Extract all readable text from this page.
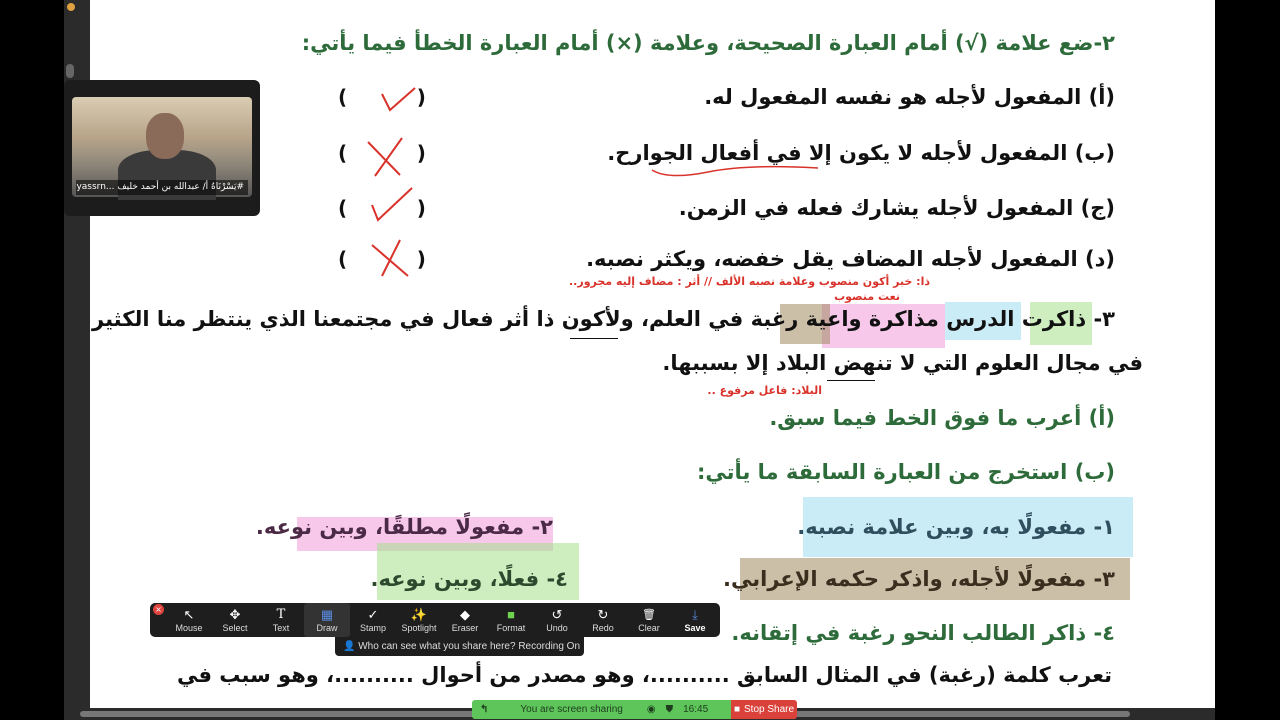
٢-ضع علامة (√) أمام العبارة الصحيحة، وعلامة (×) أمام العبارة الخطأ فيما يأتي:
(أ) المفعول لأجله هو نفسه المفعول له.
(ب) المفعول لأجله لا يكون إلا في أفعال الجوارح.
(ج) المفعول لأجله يشارك فعله في الزمن.
(د) المفعول لأجله المضاف يقل خفضه، ويكثر نصبه.
(          )
(          )
(          )
(          )
ذا: خبر أكون منصوب وعلامة نصبه الألف // أثر : مضاف إليه مجرور..
نعت منصوب
٣- ذاكرت الدرس مذاكرة واعية رغبة في العلم، ولأكون ذا أثر فعال في مجتمعنا الذي ينتظر منا الكثير
في مجال العلوم التي لا تنهض البلاد إلا بسببها.
البلاد: فاعل مرفوع ..
(أ) أعرب ما فوق الخط فيما سبق.
(ب) استخرج من العبارة السابقة ما يأتي:
١- مفعولًا به، وبين علامة نصبه.
٢- مفعولًا مطلقًا، وبين نوعه.
٣- مفعولًا لأجله، واذكر حكمه الإعرابي.
٤- فعلًا، وبين نوعه.
٤- ذاكر الطالب النحو رغبة في إتقانه.
تعرب كلمة (رغبة) في المثال السابق ..........، وهو مصدر من أحوال ..........، وهو سبب في
#يَسْرْنَاهُ أ/ عبدالله بن أحمد خليف ...yassrn
↖
Mouse
✥
Select
T
Text
▦
Draw
✓
Stamp
✨
Spotlight
◆
Eraser
■
Format
↺
Undo
↻
Redo
🗑
Clear
⤓
Save
×
👤 Who can see what you share here? Recording On
↰	You are screen sharing ◉ ⛊ 16:45	■ Stop Share
